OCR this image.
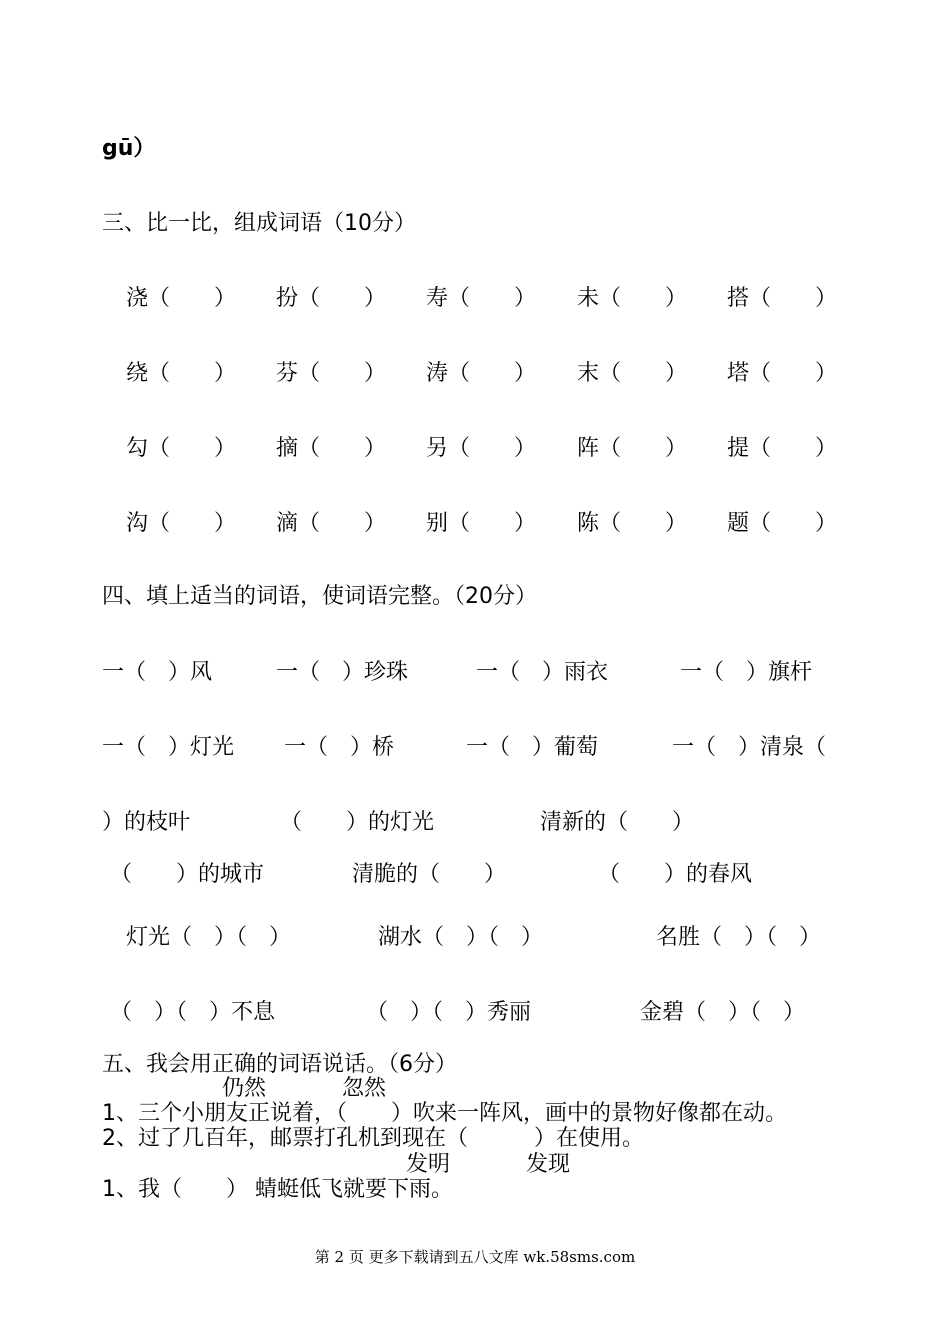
gū）
三、比一比，组成词语（10分）
浇（　　） 扮（　　） 寿（　　） 未（　　） 搭（　　）
绕（　　） 芬（　　） 涛（　　） 末（　　） 塔（　　）
勾（　　） 摘（　　） 另（　　） 阵（　　） 提（　　）
沟（　　） 滴（　　） 别（　　） 陈（　　） 题（　　）
四、填上适当的词语，使词语完整。（20分）
一（　）风	一（　）珍珠	一（　）雨衣	一（　）旗杆
一（　）灯光 一（　）桥	一（　）葡萄	一（　）清泉（
）的枝叶	（　　）的灯光	清新的（　　）
（　　）的城市	清脆的（　　）	（　　）的春风
灯光（　）（　）	湖水（　）（　）	名胜（　）（　）
（　）（　）不息	（　）（　）秀丽	金碧（　）（　）
五、我会用正确的词语说话。（6分）
仍然	忽然
1、三个小朋友正说着，（　　）吹来一阵风，画中的景物好像都在动。
2、过了几百年，邮票打孔机到现在（　　　）在使用。
发明	发现
1、我（　　） 蜻蜓低飞就要下雨。
第 2 页 更多下载请到五八文库 wk.58sms.com
